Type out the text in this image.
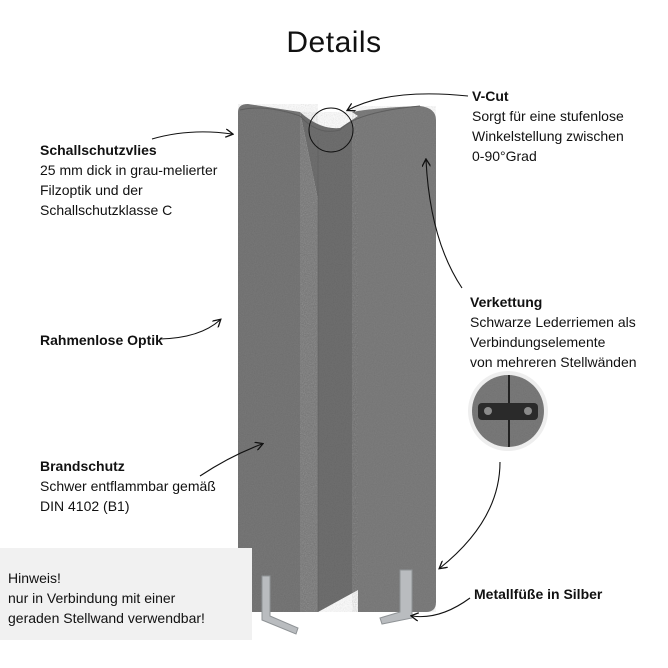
Details
Schallschutzvlies
25 mm dick in grau-melierter
Filzoptik und der
Schallschutzklasse C
Rahmenlose Optik
Brandschutz
Schwer entflammbar gemäß
DIN 4102 (B1)
V-Cut
Sorgt für eine stufenlose
Winkelstellung zwischen
0-90°Grad
Verkettung
Schwarze Lederriemen als
Verbindungselemente
von mehreren Stellwänden
Metallfüße in Silber
Hinweis!
nur in Verbindung mit einer
geraden Stellwand verwendbar!
